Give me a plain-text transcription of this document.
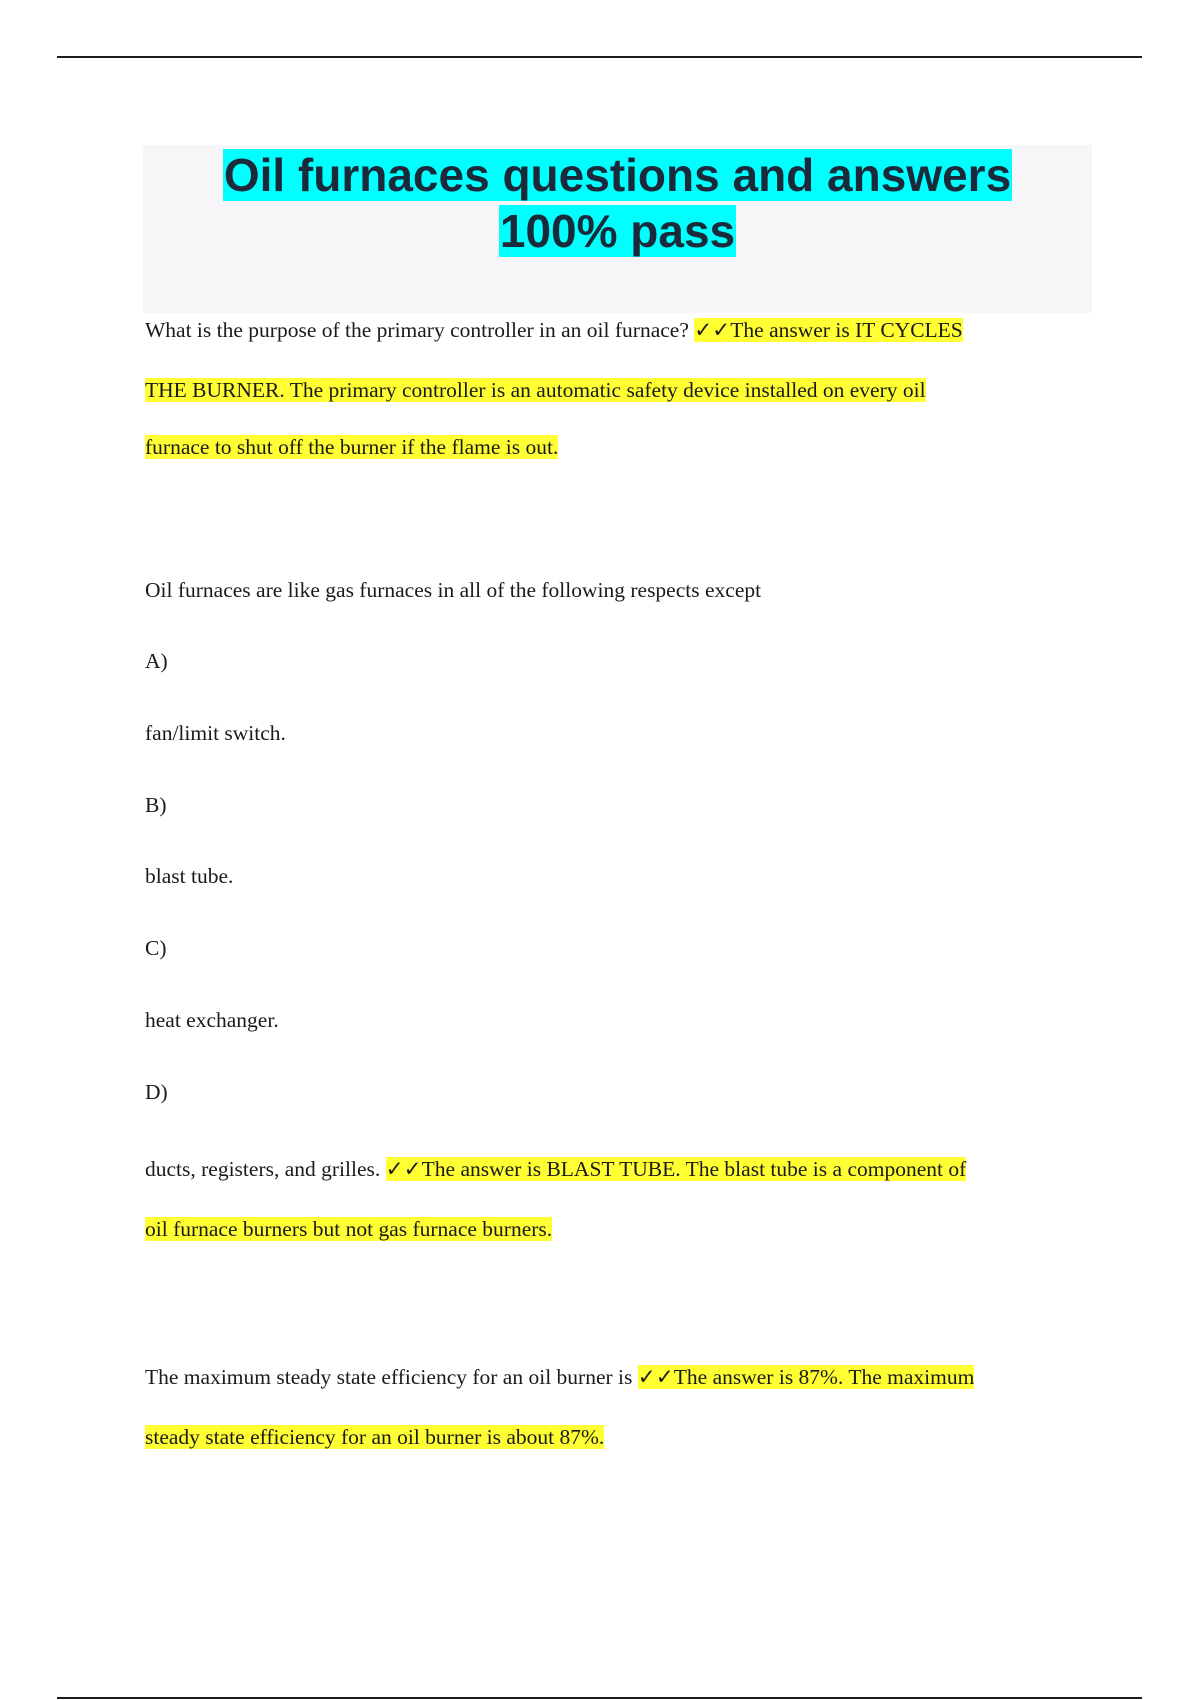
Oil furnaces questions and answers
100% pass
What is the purpose of the primary controller in an oil furnace? ✓✓The answer is IT CYCLES
THE BURNER. The primary controller is an automatic safety device installed on every oil
furnace to shut off the burner if the flame is out.
Oil furnaces are like gas furnaces in all of the following respects except
A)
fan/limit switch.
B)
blast tube.
C)
heat exchanger.
D)
ducts, registers, and grilles. ✓✓The answer is BLAST TUBE. The blast tube is a component of
oil furnace burners but not gas furnace burners.
The maximum steady state efficiency for an oil burner is ✓✓The answer is 87%. The maximum
steady state efficiency for an oil burner is about 87%.
